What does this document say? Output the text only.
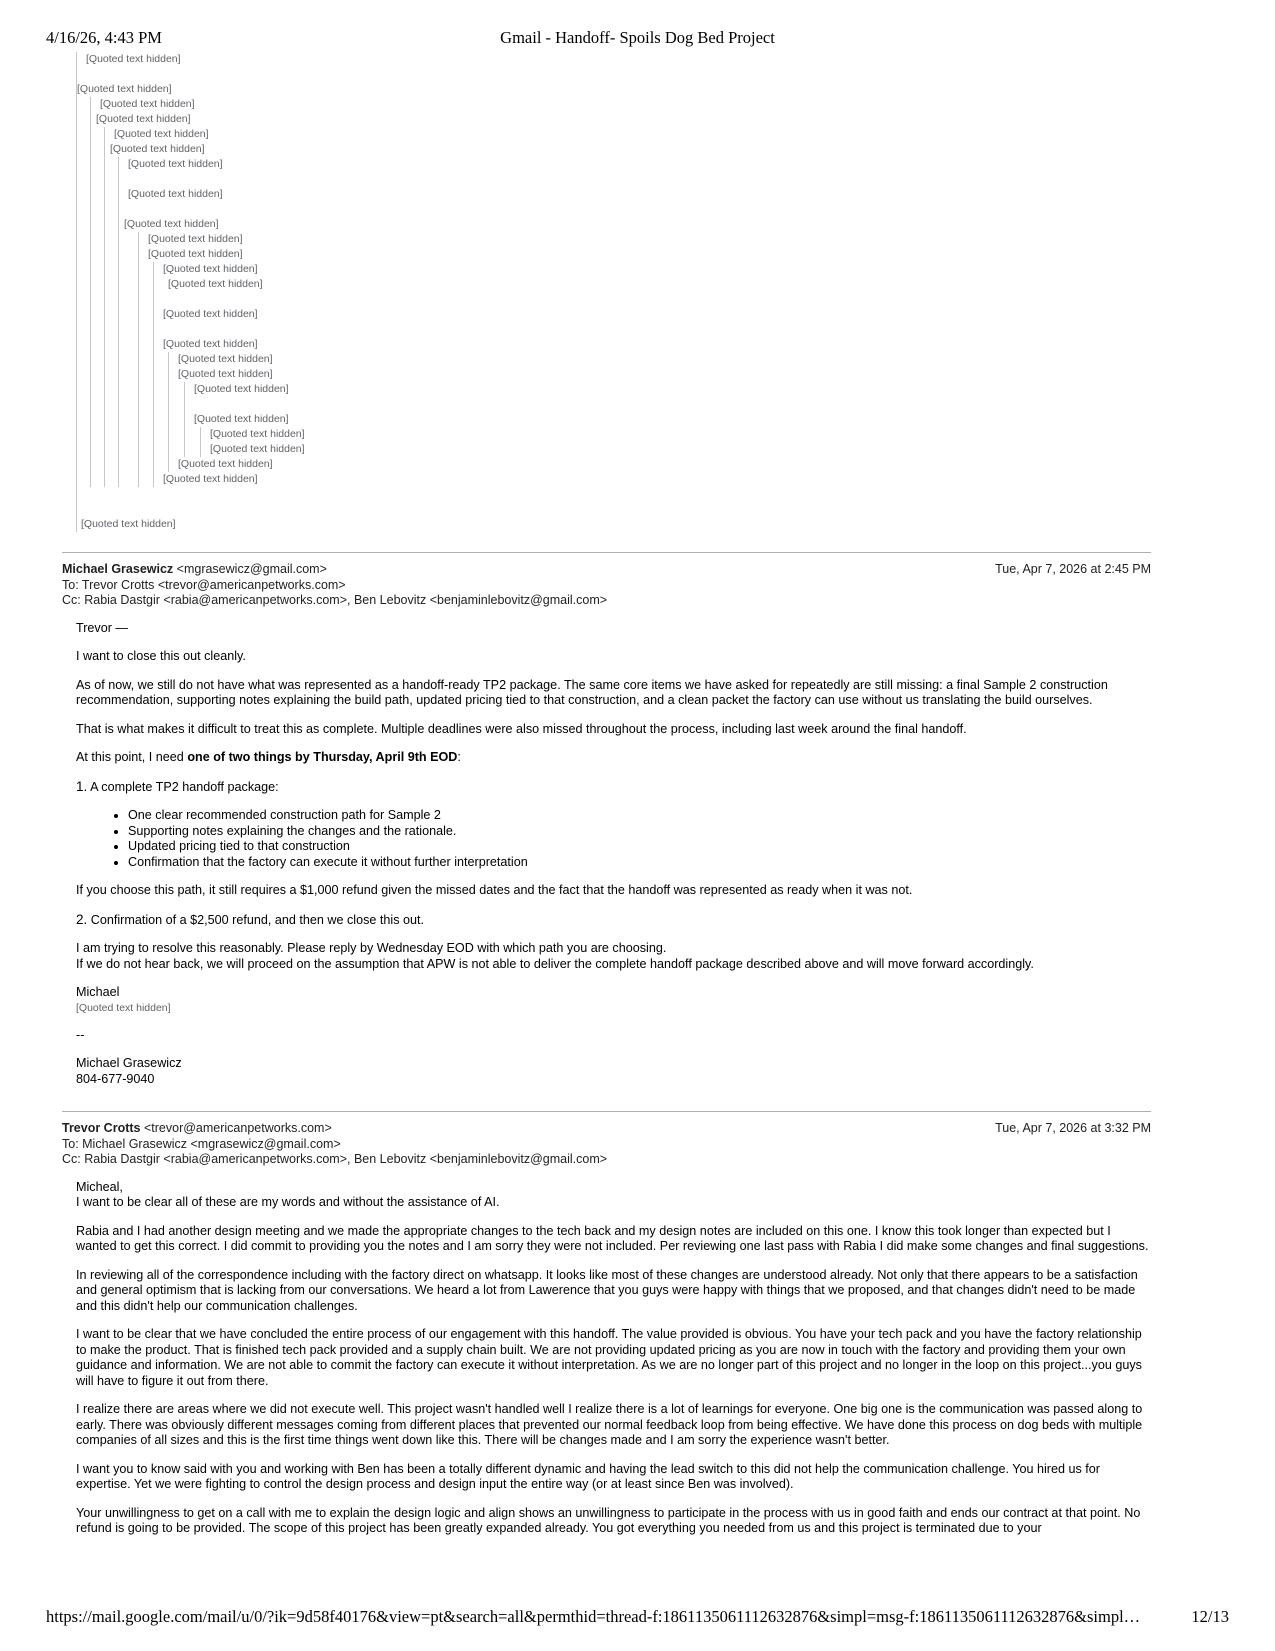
4/16/26, 4:43 PM	Gmail - Handoff- Spoils Dog Bed Project
[Quoted text hidden]
[Quoted text hidden]
[Quoted text hidden]
[Quoted text hidden]
[Quoted text hidden]
[Quoted text hidden]
[Quoted text hidden]
[Quoted text hidden]
[Quoted text hidden]
[Quoted text hidden]
[Quoted text hidden]
[Quoted text hidden]
[Quoted text hidden]
[Quoted text hidden]
[Quoted text hidden]
[Quoted text hidden]
[Quoted text hidden]
[Quoted text hidden]
[Quoted text hidden]
[Quoted text hidden]
[Quoted text hidden]
[Quoted text hidden]
[Quoted text hidden]
[Quoted text hidden]
Michael Grasewicz <mgrasewicz@gmail.com>	Tue, Apr 7, 2026 at 2:45 PM
To: Trevor Crotts <trevor@americanpetworks.com>
Cc: Rabia Dastgir <rabia@americanpetworks.com>, Ben Lebovitz <benjaminlebovitz@gmail.com>

Trevor —

I want to close this out cleanly.

As of now, we still do not have what was represented as a handoff-ready TP2 package. The same core items we have asked for repeatedly are still missing: a final Sample 2 construction recommendation, supporting notes explaining the build path, updated pricing tied to that construction, and a clean packet the factory can use without us translating the build ourselves.

That is what makes it difficult to treat this as complete. Multiple deadlines were also missed throughout the process, including last week around the final handoff.

At this point, I need one of two things by Thursday, April 9th EOD:

1. A complete TP2 handoff package:

• One clear recommended construction path for Sample 2
• Supporting notes explaining the changes and the rationale.
• Updated pricing tied to that construction
• Confirmation that the factory can execute it without further interpretation

If you choose this path, it still requires a $1,000 refund given the missed dates and the fact that the handoff was represented as ready when it was not.

2. Confirmation of a $2,500 refund, and then we close this out.

I am trying to resolve this reasonably. Please reply by Wednesday EOD with which path you are choosing.

If we do not hear back, we will proceed on the assumption that APW is not able to deliver the complete handoff package described above and will move forward accordingly.

Michael

[Quoted text hidden]

--

Michael Grasewicz
804-677-9040
Trevor Crotts <trevor@americanpetworks.com>	Tue, Apr 7, 2026 at 3:32 PM
To: Michael Grasewicz <mgrasewicz@gmail.com>
Cc: Rabia Dastgir <rabia@americanpetworks.com>, Ben Lebovitz <benjaminlebovitz@gmail.com>

Micheal,

I want to be clear all of these are my words and without the assistance of AI.

Rabia and I had another design meeting and we made the appropriate changes to the tech back and my design notes are included on this one. I know this took longer than expected but I wanted to get this correct. I did commit to providing you the notes and I am sorry they were not included. Per reviewing one last pass with Rabia I did make some changes and final suggestions.

In reviewing all of the correspondence including with the factory direct on whatsapp. It looks like most of these changes are understood already. Not only that there appears to be a satisfaction and general optimism that is lacking from our conversations. We heard a lot from Lawerence that you guys were happy with things that we proposed, and that changes didn't need to be made and this didn't help our communication challenges.

I want to be clear that we have concluded the entire process of our engagement with this handoff. The value provided is obvious. You have your tech pack and you have the factory relationship to make the product. That is finished tech pack provided and a supply chain built. We are not providing updated pricing as you are now in touch with the factory and providing them your own guidance and information. We are not able to commit the factory can execute it without interpretation. As we are no longer part of this project and no longer in the loop on this project...you guys will have to figure it out from there.

I realize there are areas where we did not execute well. This project wasn't handled well I realize there is a lot of learnings for everyone. One big one is the communication was passed along to early. There was obviously different messages coming from different places that prevented our normal feedback loop from being effective. We have done this process on dog beds with multiple companies of all sizes and this is the first time things went down like this. There will be changes made and I am sorry the experience wasn't better.

I want you to know said with you and working with Ben has been a totally different dynamic and having the lead switch to this did not help the communication challenge. You hired us for expertise. Yet we were fighting to control the design process and design input the entire way (or at least since Ben was involved).

Your unwillingness to get on a call with me to explain the design logic and align shows an unwillingness to participate in the process with us in good faith and ends our contract at that point. No refund is going to be provided. The scope of this project has been greatly expanded already. You got everything you needed from us and this project is terminated due to your

https://mail.google.com/mail/u/0/?ik=9d58f40176&view=pt&search=all&permthid=thread-f:1861135061112632876&simpl=msg-f:1861135061112632876&simpl…	12/13
